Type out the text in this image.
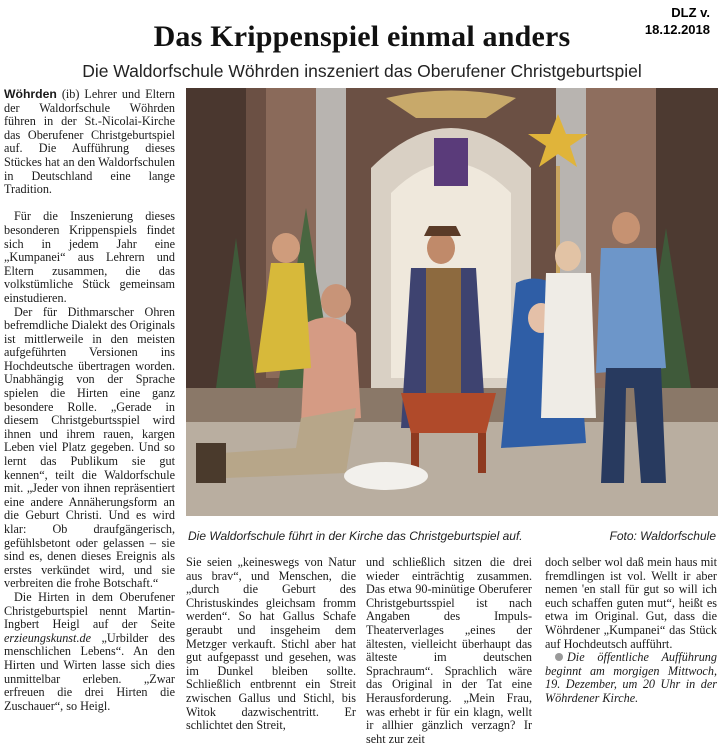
DLZ v.
18.12.2018
Das Krippenspiel einmal anders
Die Waldorfschule Wöhrden inszeniert das Oberufener Christgeburtspiel

Wöhrden (ib) Lehrer und Eltern der Waldorfschule Wöhrden führen in der St.-Nicolai-Kirche das Oberufener Christgeburtspiel auf. Die Aufführung dieses Stückes hat an den Waldorfschulen in Deutschland eine lange Tradition.

Für die Inszenierung dieses besonderen Krippenspiels findet sich in jedem Jahr eine „Kumpanei“ aus Lehrern und Eltern zusammen, die das volkstümliche Stück gemeinsam einstudieren.

Der für Dithmarscher Ohren befremdliche Dialekt des Originals ist mittlerweile in den meisten aufgeführten Versionen ins Hochdeutsche übertragen worden. Unabhängig von der Sprache spielen die Hirten eine ganz besondere Rolle. „Gerade in diesem Christgeburtsspiel wird ihnen und ihrem rauen, kargen Leben viel Platz gegeben. Und so lernt das Publikum sie gut kennen“, teilt die Waldorfschule mit. „Jeder von ihnen repräsentiert eine andere Annäherungsform an die Geburt Christi. Und es wird klar: Ob draufgängerisch, gefühlsbetont oder gelassen – sie sind es, denen dieses Ereignis als erstes verkündet wird, und sie verbreiten die frohe Botschaft.“

Die Hirten in dem Oberufener Christgeburtspiel nennt Martin-Ingbert Heigl auf der Seite erzieungskunst.de „Urbilder des menschlichen Lebens“. An den Hirten und Wirten lasse sich dies unmittelbar erleben. „Zwar erfreuen die drei Hirten die Zuschauer“, so Heigl.

Die Waldorfschule führt in der Kirche das Christgeburtspiel auf.	Foto: Waldorfschule

Sie seien „keineswegs von Natur aus brav“, und Menschen, die „durch die Geburt des Christuskindes gleichsam fromm werden“. So hat Gallus Schafe geraubt und insgeheim dem Metzger verkauft. Stichl aber hat gut aufgepasst und gesehen, was im Dunkel bleiben sollte. Schließlich entbrennt ein Streit zwischen Gallus und Stichl, bis Witok dazwischentritt. Er schlichtet den Streit,

und schließlich sitzen die drei wieder einträchtig zusammen. Das etwa 90-minütige Oberuferer Christgeburtsspiel ist nach Angaben des Impuls-Theaterverlages „eines der ältesten, vielleicht überhaupt das älteste im deutschen Sprachraum“. Sprachlich wäre das Original in der Tat eine Herausforderung. „Mein Frau, was erhebt ir für ein klagn, wellt ir allhier gänzlich verzagn? Ir seht zur zeit

doch selber wol daß mein haus mit fremdlingen ist vol. Wellt ir aber nemen 'en stall für gut so will ich euch schaffen guten mut“, heißt es etwa im Original. Gut, dass die Wöhrdener „Kumpanei“ das Stück auf Hochdeutsch aufführt.

Die öffentliche Aufführung beginnt am morgigen Mittwoch, 19. Dezember, um 20 Uhr in der Wöhrdener Kirche.
